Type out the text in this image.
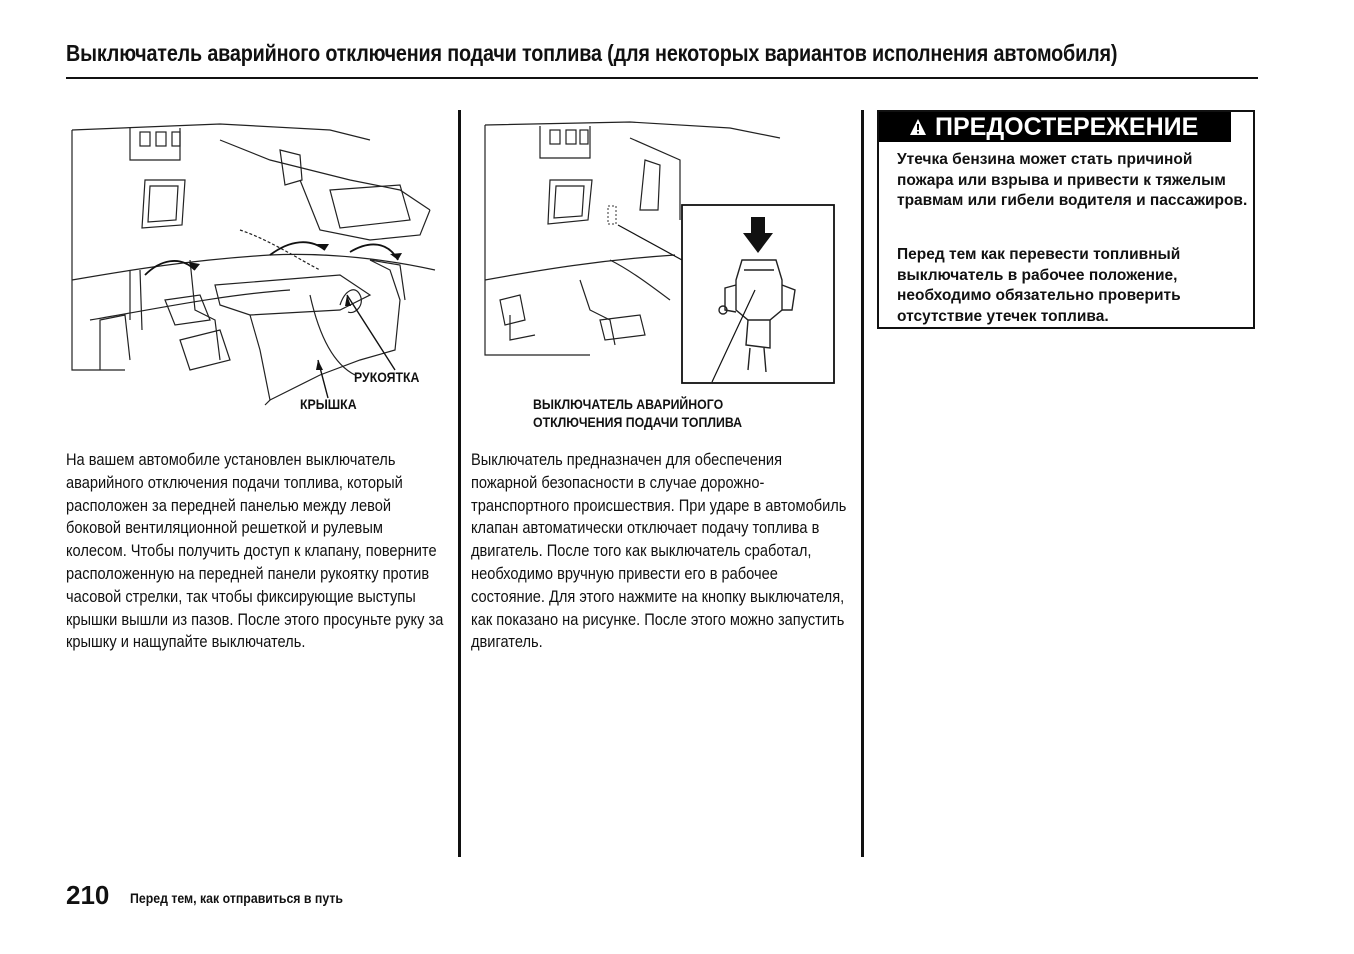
Выключатель аварийного отключения подачи топлива (для некоторых вариантов исполнения автомобиля)
РУКОЯТКА
КРЫШКА	ВЫКЛЮЧАТЕЛЬ АВАРИЙНОГО
ОТКЛЮЧЕНИЯ ПОДАЧИ ТОПЛИВА
На вашем автомобиле установлен выключатель аварийного отключения подачи топлива, который расположен за передней панелью между левой боковой вентиляционной решеткой и рулевым колесом. Чтобы получить доступ к клапану, поверните расположенную на передней панели рукоятку против часовой стрелки, так чтобы фиксирующие выступы крышки вышли из пазов. После этого просуньте руку за крышку и нащупайте выключатель.
Выключатель предназначен для обеспечения пожарной безопасности в случае дорожно-транспортного происшествия. При ударе в автомобиль клапан автоматически отключает подачу топлива в двигатель. После того как выключатель сработал, необходимо вручную привести его в рабочее состояние. Для этого нажмите на кнопку выключателя, как показано на рисунке. После этого можно запустить двигатель.
ПРЕДОСТЕРЕЖЕНИЕ
Утечка бензина может стать причиной пожара или взрыва и привести к тяжелым травмам или гибели водителя и пассажиров.
Перед тем как перевести топливный выключатель в рабочее положение, необходимо обязательно проверить отсутствие утечек топлива.
210 Перед тем, как отправиться в путь
